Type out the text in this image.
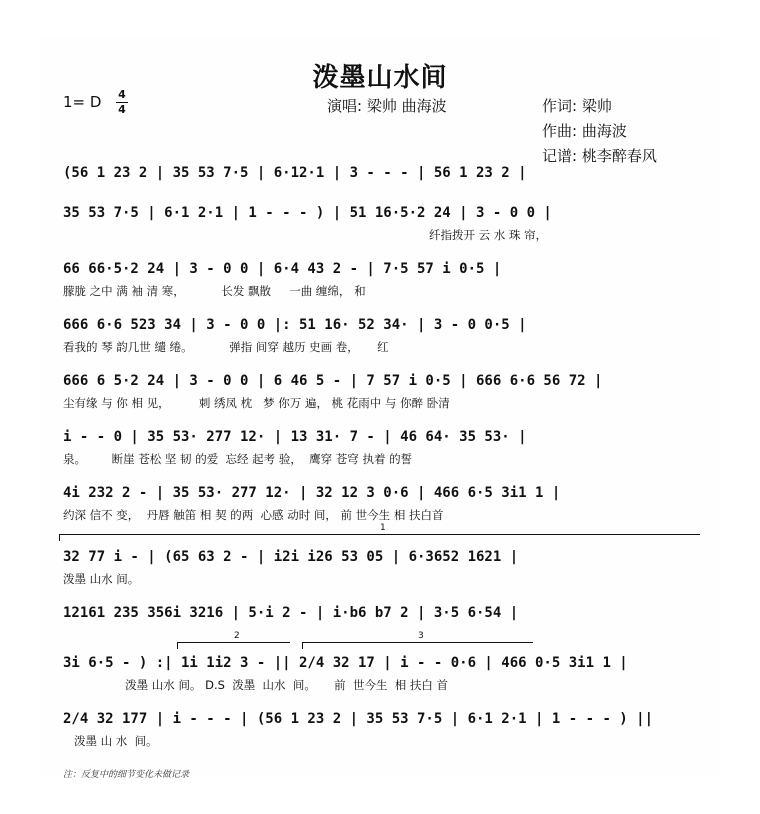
泼墨山水间
1= D 4
4	演唱: 梁帅 曲海波	作词: 梁帅
作曲: 曲海波
记谱: 桃李醉春风
(56 1 23 2 | 35 53 7·5 | 6·12·1 | 3 - - - | 56 1 23 2 |
35 53 7·5 | 6·1 2·1 | 1 - - - ) | 51 16·5·2 24 | 3 - 0 0 |
纤指拨开 云 水 珠 帘，
66 66·5·2 24 | 3 - 0 0 | 6·4 43 2 - | 7·5 57 i 0·5 |
朦胧 之中 满 袖 清 寒，          长发 飘散     一曲 缠绵， 和
666 6·6 523 34 | 3 - 0 0 |: 51 16· 52 34· | 3 - 0 0·5 |
看我的 琴 韵几世 缱 绻。          弹指 间穿 越历 史画 卷，     红
666 6 5·2 24 | 3 - 0 0 | 6 46 5 - | 7 57 i 0·5 | 666 6·6 56 72 |
尘有缘 与 你 相 见，        刺 绣凤 枕   梦 你万 遍， 桃 花雨中 与 你醉 卧清
i - - 0 | 35 53· 277 12· | 13 31· 7 - | 46 64· 35 53· |
泉。       断崖 苍松 坚 韧 的爱  忘经 起考 验，  鹰穿 苍穹 执着 的誓
4i 232 2 - | 35 53· 277 12· | 32 12 3 0·6 | 466 6·5 3i1 1 |
约深 信不 变，  丹唇 触笛 相 契 的两  心感 动时 间， 前 世今生 相 扶白首
1
32 77 i - | (65 63 2 - | i2i i26 53 05 | 6·3652 1621 |
泼墨 山水 间。
12161 235 356i 3216 | 5·i 2 - | i·b6 b7 2 | 3·5 6·54 |
2	3
3i 6·5 - ) :| 1i 1i2 3 - || 2/4 32 17 | i - - 0·6 | 466 0·5 3i1 1 |
泼墨 山水 间。 D.S  泼墨  山水  间。     前  世今生  相 扶白 首
2/4 32 177 | i - - - | (56 1 23 2 | 35 53 7·5 | 6·1 2·1 | 1 - - - ) ||
泼墨 山 水  间。
注：反复中的细节变化未做记录
